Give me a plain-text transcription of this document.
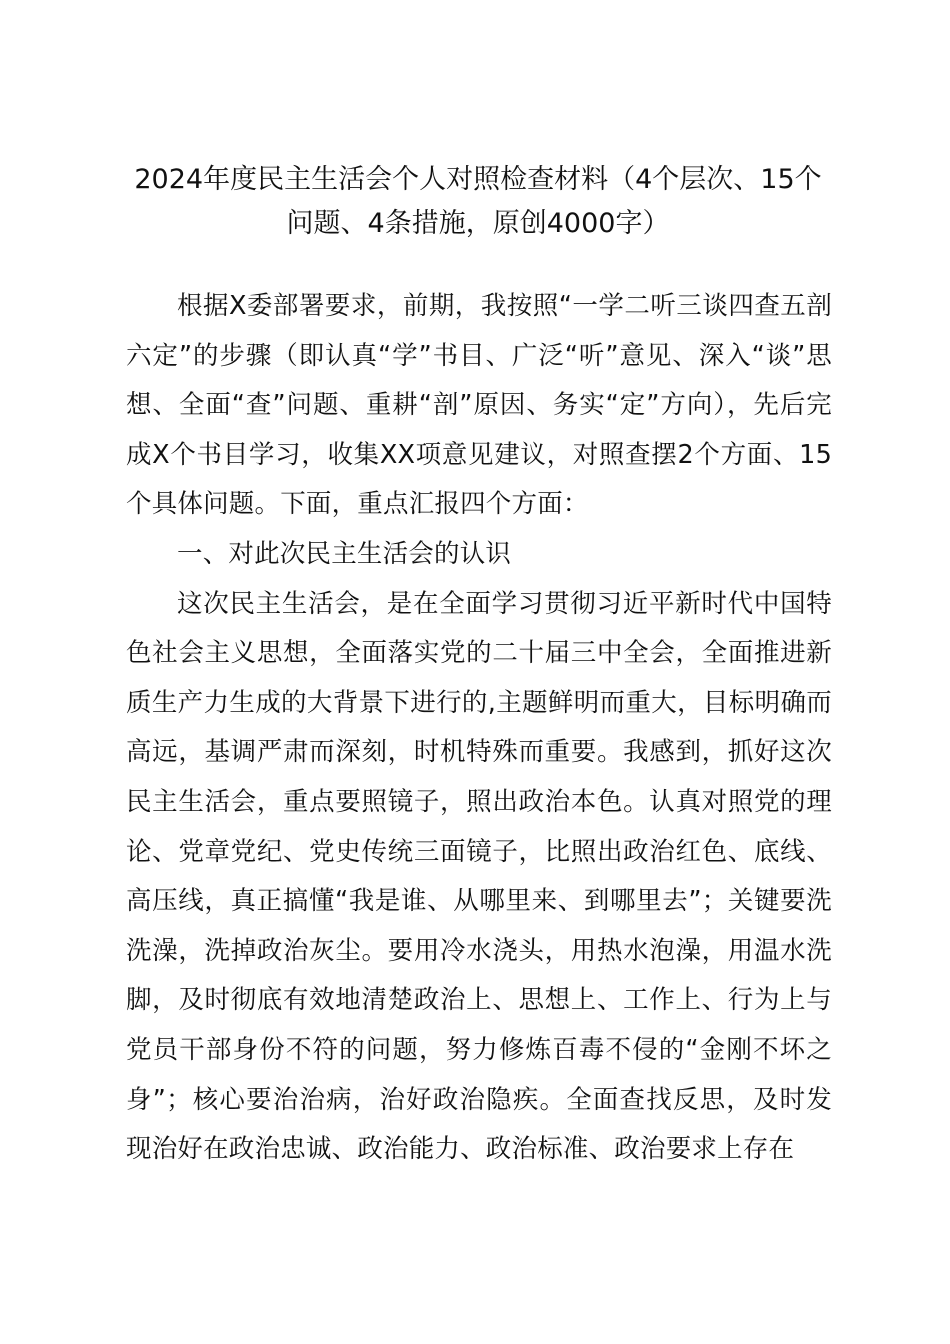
2024年度民主生活会个人对照检查材料（4个层次、15个问题、4条措施，原创4000字）

根据X委部署要求，前期，我按照“一学二听三谈四查五剖六定”的步骤（即认真“学”书目、广泛“听”意见、深入“谈”思想、全面“查”问题、重耕“剖”原因、务实“定”方向），先后完成X个书目学习，收集XX项意见建议，对照查摆2个方面、15个具体问题。下面，重点汇报四个方面：

一、对此次民主生活会的认识

这次民主生活会，是在全面学习贯彻习近平新时代中国特色社会主义思想，全面落实党的二十届三中全会，全面推进新质生产力生成的大背景下进行的,主题鲜明而重大，目标明确而高远，基调严肃而深刻，时机特殊而重要。我感到，抓好这次民主生活会，重点要照镜子，照出政治本色。认真对照党的理论、党章党纪、党史传统三面镜子，比照出政治红色、底线、高压线，真正搞懂“我是谁、从哪里来、到哪里去”；关键要洗洗澡，洗掉政治灰尘。要用冷水浇头，用热水泡澡，用温水洗脚，及时彻底有效地清楚政治上、思想上、工作上、行为上与党员干部身份不符的问题，努力修炼百毒不侵的“金刚不坏之身”；核心要治治病，治好政治隐疾。全面查找反思，及时发现治好在政治忠诚、政治能力、政治标准、政治要求上存在
